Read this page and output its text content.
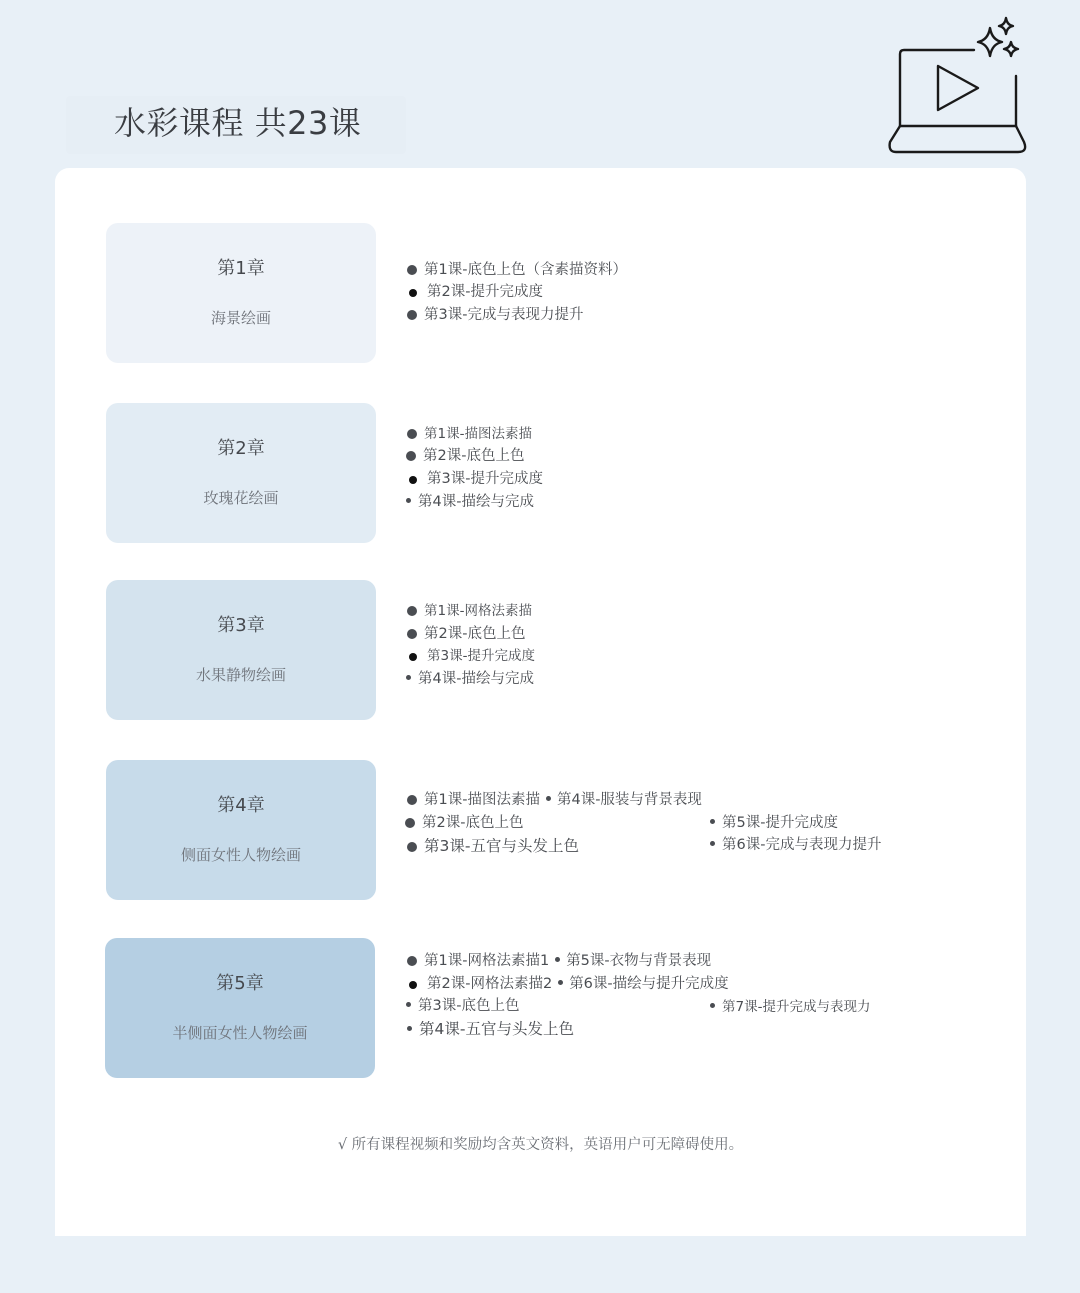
水彩课程 共23课
第1章
海景绘画
第1课-底色上色（含素描资料）
第2课-提升完成度
第3课-完成与表现力提升
第2章
玫瑰花绘画
第1课-描图法素描
第2课-底色上色
第3课-提升完成度
第4课-描绘与完成
第3章
水果静物绘画
第1课-网格法素描
第2课-底色上色
第3课-提升完成度
第4课-描绘与完成
第4章
侧面女性人物绘画
第1课-描图法素描 第4课-服装与背景表现
第2课-底色上色	第5课-提升完成度
第3课-五官与头发上色	第6课-完成与表现力提升
第5章
半侧面女性人物绘画
第1课-网格法素描1 第5课-衣物与背景表现
第2课-网格法素描2 第6课-描绘与提升完成度
第3课-底色上色	第7课-提升完成与表现力
第4课-五官与头发上色
√ 所有课程视频和奖励均含英文资料，英语用户可无障碍使用。
